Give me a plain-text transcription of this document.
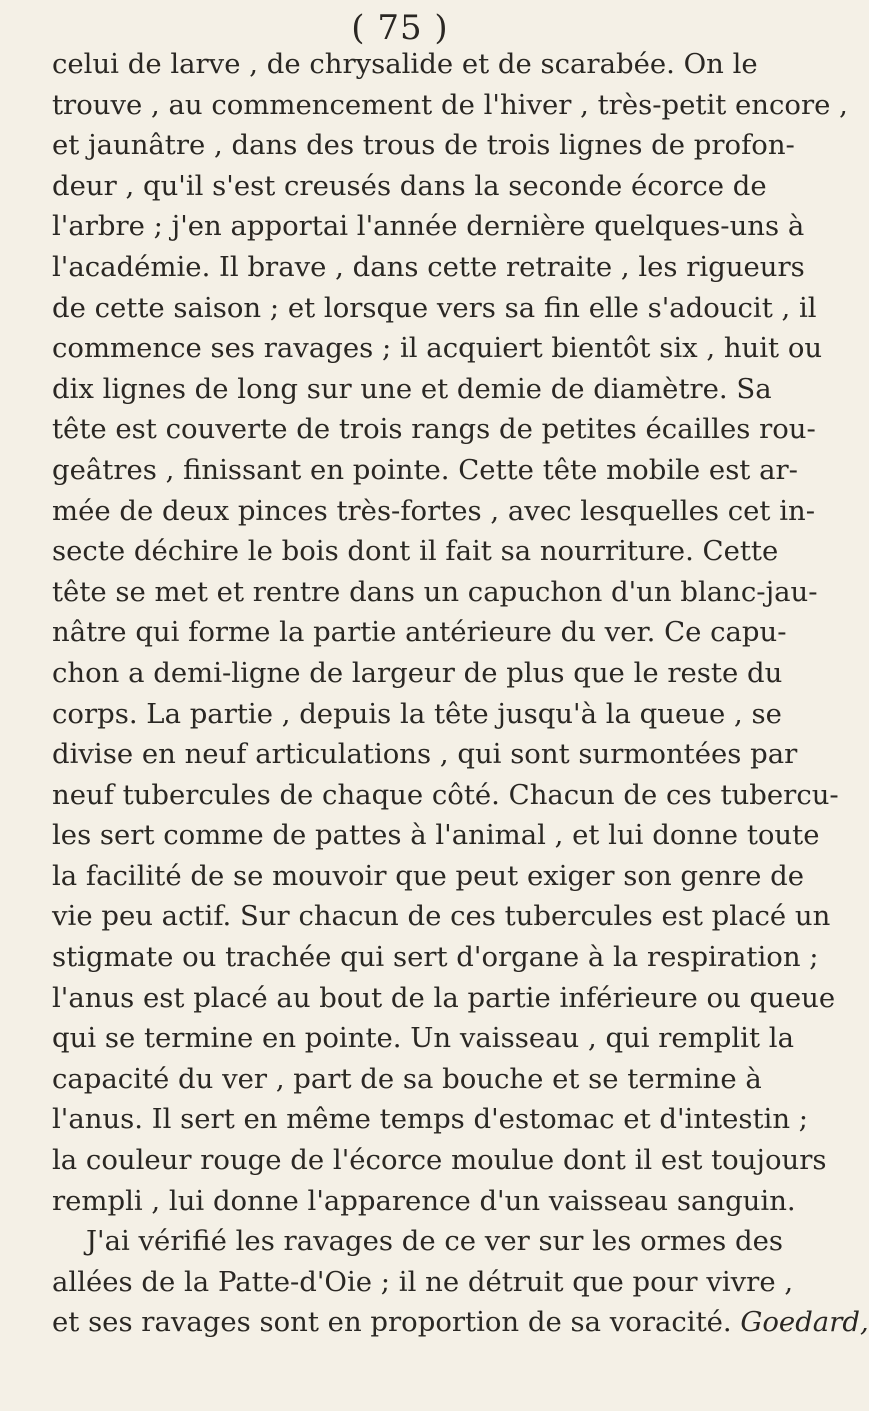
( 75 )
celui de larve , de chrysalide et de scarabée. On le
trouve , au commencement de l'hiver , très-petit encore ,
et jaunâtre , dans des trous de trois lignes de profon-
deur , qu'il s'est creusés dans la seconde écorce de
l'arbre ; j'en apportai l'année dernière quelques-uns à
l'académie. Il brave , dans cette retraite , les rigueurs
de cette saison ; et lorsque vers sa fin elle s'adoucit , il
commence ses ravages ; il acquiert bientôt six , huit ou
dix lignes de long sur une et demie de diamètre. Sa
tête est couverte de trois rangs de petites écailles rou-
geâtres , finissant en pointe. Cette tête mobile est ar-
mée de deux pinces très-fortes , avec lesquelles cet in-
secte déchire le bois dont il fait sa nourriture. Cette
tête se met et rentre dans un capuchon d'un blanc-jau-
nâtre qui forme la partie antérieure du ver. Ce capu-
chon a demi-ligne de largeur de plus que le reste du
corps. La partie , depuis la tête jusqu'à la queue , se
divise en neuf articulations , qui sont surmontées par
neuf tubercules de chaque côté. Chacun de ces tubercu-
les sert comme de pattes à l'animal , et lui donne toute
la facilité de se mouvoir que peut exiger son genre de
vie peu actif. Sur chacun de ces tubercules est placé un
stigmate ou trachée qui sert d'organe à la respiration ;
l'anus est placé au bout de la partie inférieure ou queue
qui se termine en pointe. Un vaisseau , qui remplit la
capacité du ver , part de sa bouche et se termine à
l'anus. Il sert en même temps d'estomac et d'intestin ;
la couleur rouge de l'écorce moulue dont il est toujours
rempli , lui donne l'apparence d'un vaisseau sanguin.
J'ai vérifié les ravages de ce ver sur les ormes des
allées de la Patte-d'Oie ; il ne détruit que pour vivre ,
et ses ravages sont en proportion de sa voracité. Goedard,
